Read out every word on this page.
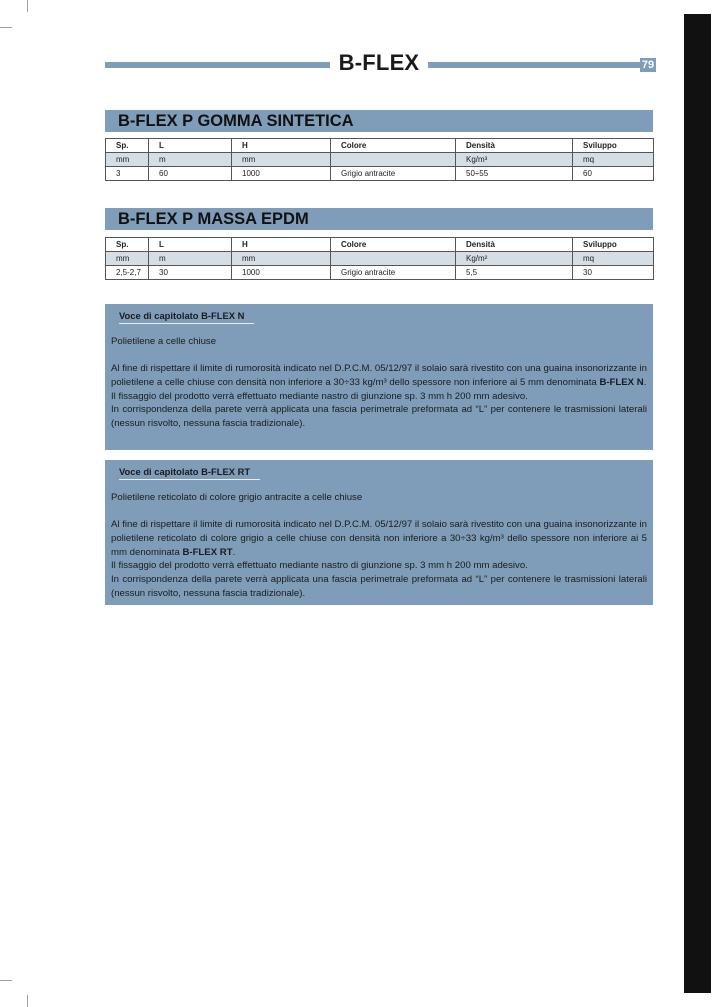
B-FLEX	79
B-FLEX P GOMMA SINTETICA
Sp.	L	H	Colore	Densità	Sviluppo
mm	m	mm		Kg/m³	mq
3	60	1000	Grigio antracite	50÷55	60
B-FLEX P MASSA EPDM
Sp.	L	H	Colore	Densità	Sviluppo
mm	m	mm		Kg/m²	mq
2,5-2,7	30	1000	Grigio antracite	5,5	30
Voce di capitolato B-FLEX N
Polietilene a celle chiuse

Al fine di rispettare il limite di rumorosità indicato nel D.P.C.M. 05/12/97 il solaio sarà rivestito con una guaina insonorizzante in polietilene a celle chiuse con densità non inferiore a 30÷33 kg/m³ dello spessore non inferiore ai 5 mm denominata B-FLEX N.

Il fissaggio del prodotto verrà effettuato mediante nastro di giunzione sp. 3 mm h 200 mm adesivo.

In corrispondenza della parete verrà applicata una fascia perimetrale preformata ad “L” per contenere le trasmissioni laterali (nessun risvolto, nessuna fascia tradizionale).

Voce di capitolato B-FLEX RT
Polietilene reticolato di colore grigio antracite a celle chiuse

Al fine di rispettare il limite di rumorosità indicato nel D.P.C.M. 05/12/97 il solaio sarà rivestito con una guaina insonorizzante in polietilene reticolato di colore grigio a celle chiuse con densità non inferiore a 30÷33 kg/m³ dello spessore non inferiore ai 5 mm denominata B-FLEX RT.

Il fissaggio del prodotto verrà effettuato mediante nastro di giunzione sp. 3 mm h 200 mm adesivo.

In corrispondenza della parete verrà applicata una fascia perimetrale preformata ad “L” per contenere le trasmissioni laterali (nessun risvolto, nessuna fascia tradizionale).
